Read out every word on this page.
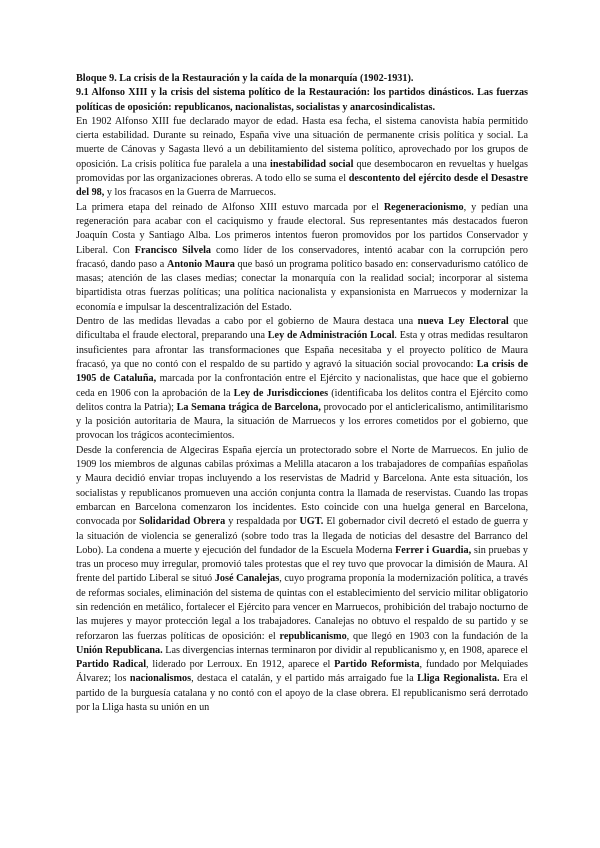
Bloque 9. La crisis de la Restauración y la caída de la monarquía (1902-1931).

9.1 Alfonso XIII y la crisis del sistema político de la Restauración: los partidos dinásticos. Las fuerzas políticas de oposición: republicanos, nacionalistas, socialistas y anarcosindicalistas.

En 1902 Alfonso XIII fue declarado mayor de edad. Hasta esa fecha, el sistema canovista había permitido cierta estabilidad. Durante su reinado, España vive una situación de permanente crisis política y social. La muerte de Cánovas y Sagasta llevó a un debilitamiento del sistema político, aprovechado por los grupos de oposición. La crisis política fue paralela a una inestabilidad social que desembocaron en revueltas y huelgas promovidas por las organizaciones obreras. A todo ello se suma el descontento del ejército desde el Desastre del 98, y los fracasos en la Guerra de Marruecos.

La primera etapa del reinado de Alfonso XIII estuvo marcada por el Regeneracionismo, y pedían una regeneración para acabar con el caciquismo y fraude electoral. Sus representantes más destacados fueron Joaquín Costa y Santiago Alba. Los primeros intentos fueron promovidos por los partidos Conservador y Liberal. Con Francisco Silvela como líder de los conservadores, intentó acabar con la corrupción pero fracasó, dando paso a Antonio Maura que basó un programa político basado en: conservadurismo católico de masas; atención de las clases medias; conectar la monarquía con la realidad social; incorporar al sistema bipartidista otras fuerzas políticas; una política nacionalista y expansionista en Marruecos y modernizar la economía e impulsar la descentralización del Estado.

Dentro de las medidas llevadas a cabo por el gobierno de Maura destaca una nueva Ley Electoral que dificultaba el fraude electoral, preparando una Ley de Administración Local. Esta y otras medidas resultaron insuficientes para afrontar las transformaciones que España necesitaba y el proyecto político de Maura fracasó, ya que no contó con el respaldo de su partido y agravó la situación social provocando: La crisis de 1905 de Cataluña, marcada por la confrontación entre el Ejército y nacionalistas, que hace que el gobierno ceda en 1906 con la aprobación de la Ley de Jurisdicciones (identificaba los delitos contra el Ejército como delitos contra la Patria); La Semana trágica de Barcelona, provocado por el anticlericalismo, antimilitarismo y la posición autoritaria de Maura, la situación de Marruecos y los errores cometidos por el gobierno, que provocan los trágicos acontecimientos.

Desde la conferencia de Algeciras España ejercía un protectorado sobre el Norte de Marruecos. En julio de 1909 los miembros de algunas cabilas próximas a Melilla atacaron a los trabajadores de compañías españolas y Maura decidió enviar tropas incluyendo a los reservistas de Madrid y Barcelona. Ante esta situación, los socialistas y republicanos promueven una acción conjunta contra la llamada de reservistas. Cuando las tropas embarcan en Barcelona comenzaron los incidentes. Esto coincide con una huelga general en Barcelona, convocada por Solidaridad Obrera y respaldada por UGT. El gobernador civil decretó el estado de guerra y la situación de violencia se generalizó (sobre todo tras la llegada de noticias del desastre del Barranco del Lobo). La condena a muerte y ejecución del fundador de la Escuela Moderna Ferrer i Guardia, sin pruebas y tras un proceso muy irregular, promovió tales protestas que el rey tuvo que provocar la dimisión de Maura. Al frente del partido Liberal se situó José Canalejas, cuyo programa proponía la modernización política, a través de reformas sociales, eliminación del sistema de quintas con el establecimiento del servicio militar obligatorio sin redención en metálico, fortalecer el Ejército para vencer en Marruecos, prohibición del trabajo nocturno de las mujeres y mayor protección legal a los trabajadores. Canalejas no obtuvo el respaldo de su partido y se reforzaron las fuerzas políticas de oposición: el republicanismo, que llegó en 1903 con la fundación de la Unión Republicana. Las divergencias internas terminaron por dividir al republicanismo y, en 1908, aparece el Partido Radical, liderado por Lerroux. En 1912, aparece el Partido Reformista, fundado por Melquiades Álvarez; los nacionalismos, destaca el catalán, y el partido más arraigado fue la Lliga Regionalista. Era el partido de la burguesía catalana y no contó con el apoyo de la clase obrera. El republicanismo será derrotado por la Lliga hasta su unión en un
